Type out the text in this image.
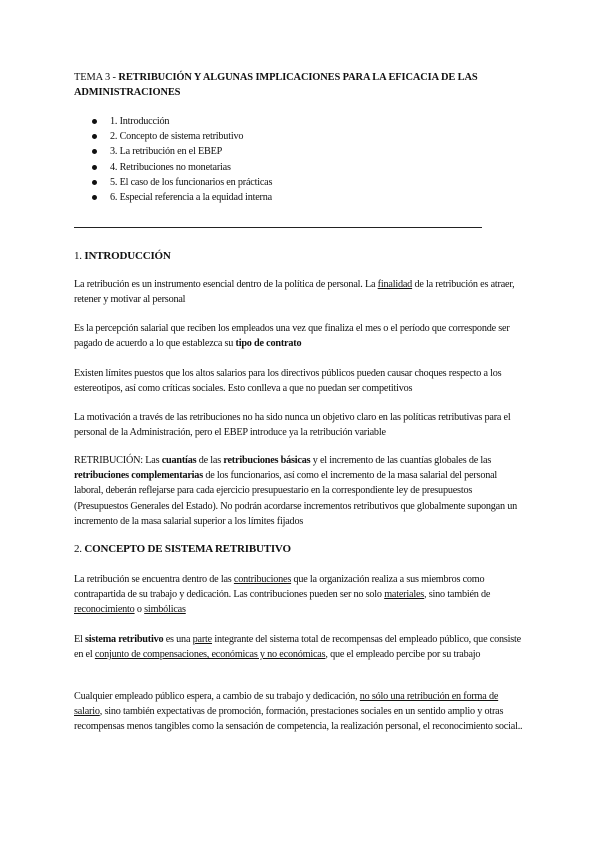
TEMA 3 - RETRIBUCIÓN Y ALGUNAS IMPLICACIONES PARA LA EFICACIA DE LAS ADMINISTRACIONES
1. Introducción
2. Concepto de sistema retributivo
3. La retribución en el EBEP
4. Retribuciones no monetarias
5. El caso de los funcionarios en prácticas
6. Especial referencia a la equidad interna
1. INTRODUCCIÓN
La retribución es un instrumento esencial dentro de la política de personal. La finalidad de la retribución es atraer, retener y motivar al personal
Es la percepción salarial que reciben los empleados una vez que finaliza el mes o el período que corresponde ser pagado de acuerdo a lo que establezca su tipo de contrato
Existen límites puestos que los altos salarios para los directivos públicos pueden causar choques respecto a los estereotipos, así como críticas sociales. Esto conlleva a que no puedan ser competitivos
La motivación a través de las retribuciones no ha sido nunca un objetivo claro en las políticas retributivas para el personal de la Administración, pero el EBEP introduce ya la retribución variable
RETRIBUCIÓN: Las cuantías de las retribuciones básicas y el incremento de las cuantías globales de las retribuciones complementarias de los funcionarios, así como el incremento de la masa salarial del personal laboral, deberán reflejarse para cada ejercicio presupuestario en la correspondiente ley de presupuestos (Presupuestos Generales del Estado). No podrán acordarse incrementos retributivos que globalmente supongan un incremento de la masa salarial superior a los límites fijados
2. CONCEPTO DE SISTEMA RETRIBUTIVO
La retribución se encuentra dentro de las contribuciones que la organización realiza a sus miembros como contrapartida de su trabajo y dedicación. Las contribuciones pueden ser no solo materiales, sino también de reconocimiento o simbólicas
El sistema retributivo es una parte integrante del sistema total de recompensas del empleado público, que consiste en el conjunto de compensaciones, económicas y no económicas, que el empleado percibe por su trabajo
Cualquier empleado público espera, a cambio de su trabajo y dedicación, no sólo una retribución en forma de salario, sino también expectativas de promoción, formación, prestaciones sociales en un sentido amplio y otras recompensas menos tangibles como la sensación de competencia, la realización personal, el reconocimiento social..
